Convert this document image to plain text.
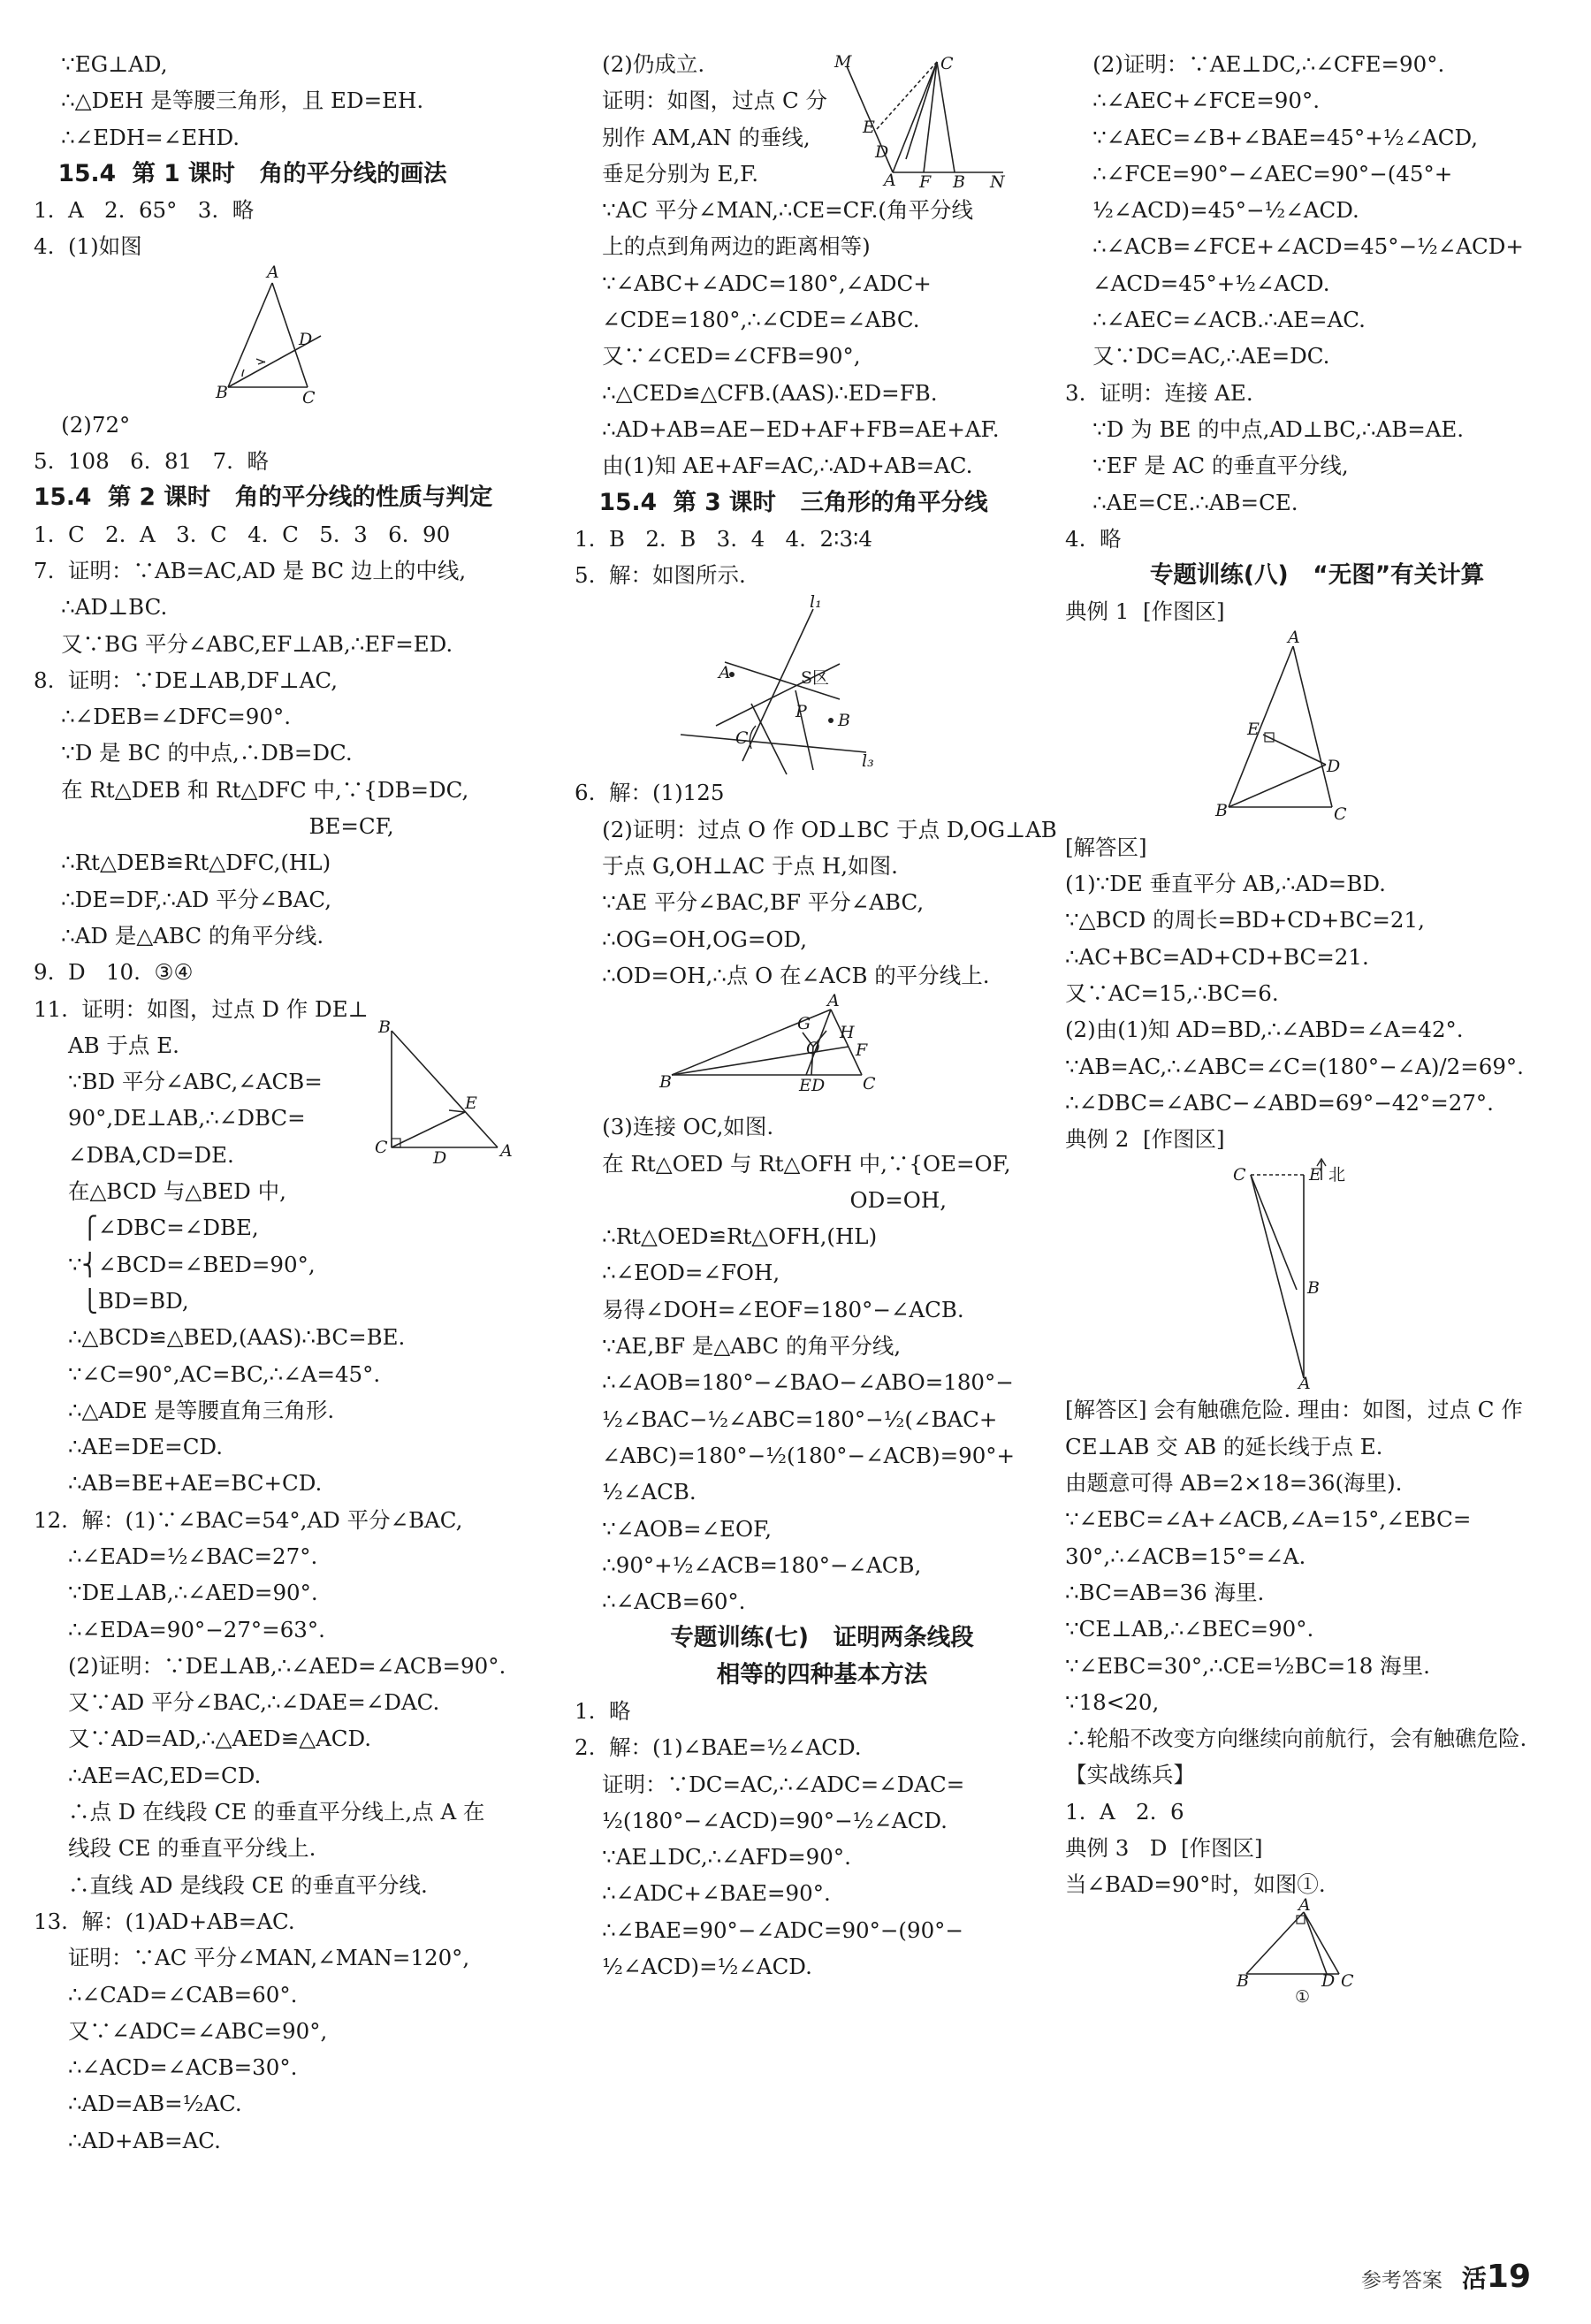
∵EG⊥AD,
∴△DEH 是等腰三角形，且 ED=EH.
∴∠EDH=∠EHD.
15.4  第 1 课时   角的平分线的画法
1.  A   2.  65°   3.  略
4.  (1)如图
A
D
B	C
(2)72°
5.  108   6.  81   7.  略
15.4  第 2 课时   角的平分线的性质与判定
1.  C   2.  A   3.  C   4.  C   5.  3   6.  90
7.  证明：∵AB=AC,AD 是 BC 边上的中线,
∴AD⊥BC.
又∵BG 平分∠ABC,EF⊥AB,∴EF=ED.
8.  证明：∵DE⊥AB,DF⊥AC,
∴∠DEB=∠DFC=90°.
∵D 是 BC 的中点,∴DB=DC.
在 Rt△DEB 和 Rt△DFC 中,∵{DB=DC,
BE=CF,
∴Rt△DEB≌Rt△DFC,(HL)
∴DE=DF,∴AD 平分∠BAC,
∴AD 是△ABC 的角平分线.
9.  D   10.  ③④
11.  证明：如图，过点 D 作 DE⊥
AB 于点 E.
∵BD 平分∠ABC,∠ACB=
90°,DE⊥AB,∴∠DBC=
∠DBA,CD=DE.
在△BCD 与△BED 中,
⎧∠DBC=∠DBE,
∵⎨∠BCD=∠BED=90°,
⎩BD=BD,
∴△BCD≌△BED,(AAS)∴BC=BE.
∵∠C=90°,AC=BC,∴∠A=45°.
∴△ADE 是等腰直角三角形.
∴AE=DE=CD.
∴AB=BE+AE=BC+CD.
12.  解：(1)∵∠BAC=54°,AD 平分∠BAC,
∴∠EAD=½∠BAC=27°.
∵DE⊥AB,∴∠AED=90°.
∴∠EDA=90°−27°=63°.
(2)证明：∵DE⊥AB,∴∠AED=∠ACB=90°.
又∵AD 平分∠BAC,∴∠DAE=∠DAC.
又∵AD=AD,∴△AED≌△ACD.
∴AE=AC,ED=CD.
∴点 D 在线段 CE 的垂直平分线上,点 A 在
线段 CE 的垂直平分线上.
∴直线 AD 是线段 CE 的垂直平分线.
13.  解：(1)AD+AB=AC.
证明：∵AC 平分∠MAN,∠MAN=120°,
∴∠CAD=∠CAB=60°.
又∵∠ADC=∠ABC=90°,
∴∠ACD=∠ACB=30°.
∴AD=AB=½AC.
∴AD+AB=AC.
B
E
C
D	A
(2)仍成立.
证明：如图，过点 C 分
别作 AM,AN 的垂线,
垂足分别为 E,F.
∵AC 平分∠MAN,∴CE=CF.(角平分线
上的点到角两边的距离相等)
∵∠ABC+∠ADC=180°,∠ADC+
∠CDE=180°,∴∠CDE=∠ABC.
又∵∠CED=∠CFB=90°,
∴△CED≌△CFB.(AAS)∴ED=FB.
∴AD+AB=AE−ED+AF+FB=AE+AF.
由(1)知 AE+AF=AC,∴AD+AB=AC.
15.4  第 3 课时   三角形的角平分线
1.  B   2.  B   3.  4   4.  2∶3∶4
5.  解：如图所示.
l₁
A	S区
P B
C
l₃
6.  解：(1)125
(2)证明：过点 O 作 OD⊥BC 于点 D,OG⊥AB
于点 G,OH⊥AC 于点 H,如图.
∵AE 平分∠BAC,BF 平分∠ABC,
∴OG=OH,OG=OD,
∴OD=OH,∴点 O 在∠ACB 的平分线上.
G
A
H
F
O
B	E D C
(3)连接 OC,如图.
在 Rt△OED 与 Rt△OFH 中,∵{OE=OF,
OD=OH,
∴Rt△OED≌Rt△OFH,(HL)
∴∠EOD=∠FOH,
易得∠DOH=∠EOF=180°−∠ACB.
∵AE,BF 是△ABC 的角平分线,
∴∠AOB=180°−∠BAO−∠ABO=180°−
½∠BAC−½∠ABC=180°−½(∠BAC+
∠ABC)=180°−½(180°−∠ACB)=90°+
½∠ACB.
∵∠AOB=∠EOF,
∴90°+½∠ACB=180°−∠ACB,
∴∠ACB=60°.
专题训练(七)   证明两条线段
相等的四种基本方法
1.  略
2.  解：(1)∠BAE=½∠ACD.
证明：∵DC=AC,∴∠ADC=∠DAC=
½(180°−∠ACD)=90°−½∠ACD.
∵AE⊥DC,∴∠AFD=90°.
∴∠ADC+∠BAE=90°.
∴∠BAE=90°−∠ADC=90°−(90°−
½∠ACD)=½∠ACD.
M	C
E
D
A F B N
(2)证明：∵AE⊥DC,∴∠CFE=90°.
∴∠AEC+∠FCE=90°.
∵∠AEC=∠B+∠BAE=45°+½∠ACD,
∴∠FCE=90°−∠AEC=90°−(45°+
½∠ACD)=45°−½∠ACD.
∴∠ACB=∠FCE+∠ACD=45°−½∠ACD+
∠ACD=45°+½∠ACD.
∴∠AEC=∠ACB.∴AE=AC.
又∵DC=AC,∴AE=DC.
3.  证明：连接 AE.
∵D 为 BE 的中点,AD⊥BC,∴AB=AE.
∵EF 是 AC 的垂直平分线,
∴AE=CE.∴AB=CE.
4.  略
专题训练(八)   “无图”有关计算
典例 1  [作图区]
A
E
D
B	C
[解答区]
(1)∵DE 垂直平分 AB,∴AD=BD.
∵△BCD 的周长=BD+CD+BC=21,
∴AC+BC=AD+CD+BC=21.
又∵AC=15,∴BC=6.
(2)由(1)知 AD=BD,∴∠ABD=∠A=42°.
∵AB=AC,∴∠ABC=∠C=(180°−∠A)/2=69°.
∴∠DBC=∠ABC−∠ABD=69°−42°=27°.
典例 2  [作图区]
C	E 北
B
A
[解答区] 会有触礁危险. 理由：如图，过点 C 作
CE⊥AB 交 AB 的延长线于点 E.
由题意可得 AB=2×18=36(海里).
∵∠EBC=∠A+∠ACB,∠A=15°,∠EBC=
30°,∴∠ACB=15°=∠A.
∴BC=AB=36 海里.
∵CE⊥AB,∴∠BEC=90°.
∵∠EBC=30°,∴CE=½BC=18 海里.
∵18<20,
∴轮船不改变方向继续向前航行，会有触礁危险.
【实战练兵】
1.  A   2.  6
典例 3   D  [作图区]
当∠BAD=90°时，如图①.
A
B	D C
①
参考答案 活19
